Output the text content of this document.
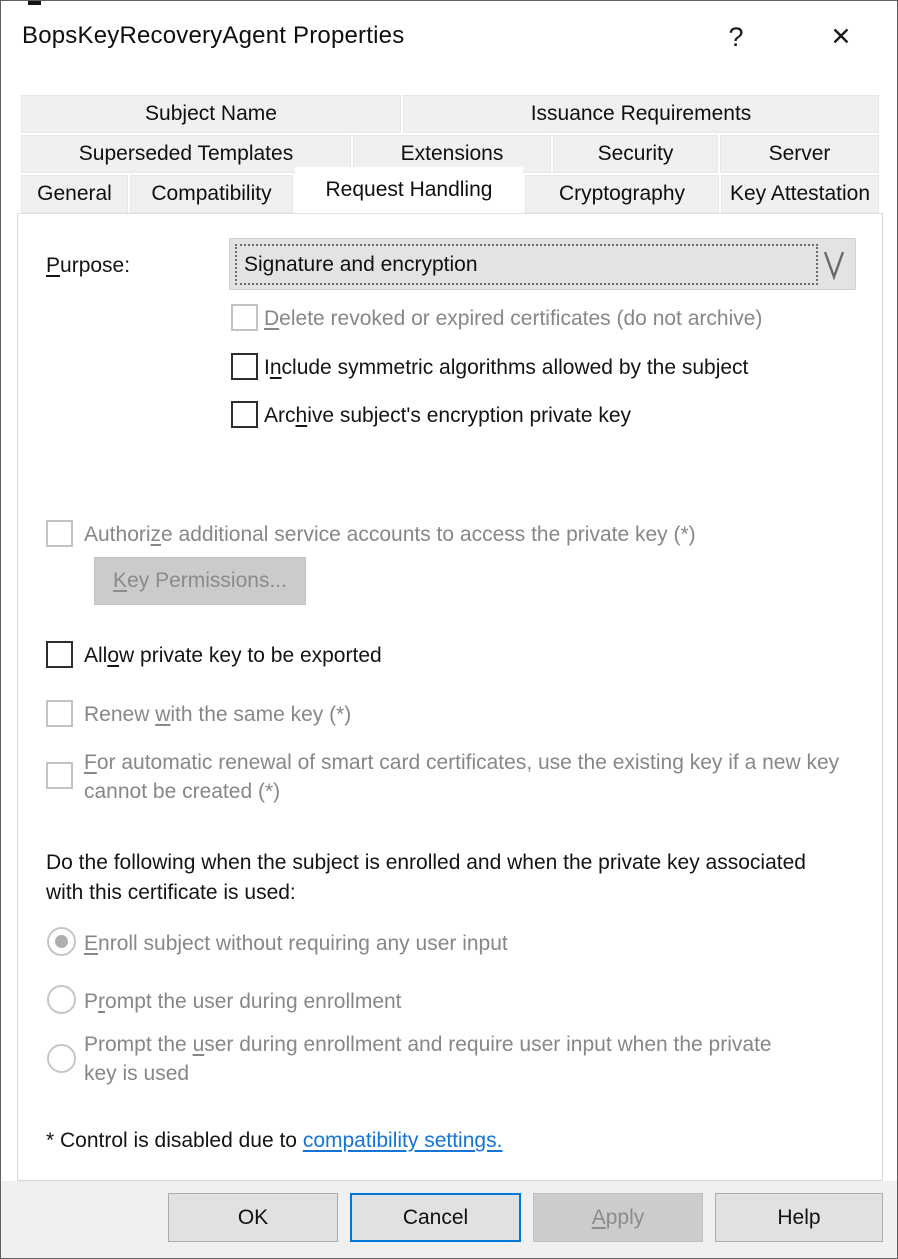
BopsKeyRecoveryAgent Properties	?	✕
Subject Name	Issuance Requirements
Superseded Templates	Extensions	Security	Server
General	Compatibility	Request Handling	Cryptography	Key Attestation
Purpose:	Signature and encryption
Delete revoked or expired certificates (do not archive)
Include symmetric algorithms allowed by the subject
Archive subject's encryption private key
Authorize additional service accounts to access the private key (*)
Key Permissions...
Allow private key to be exported
Renew with the same key (*)
For automatic renewal of smart card certificates, use the existing key if a new key cannot be created (*)
Do the following when the subject is enrolled and when the private key associated with this certificate is used:
Enroll subject without requiring any user input
Prompt the user during enrollment
Prompt the user during enrollment and require user input when the private key is used
* Control is disabled due to compatibility settings.
OK	Cancel	Apply	Help
